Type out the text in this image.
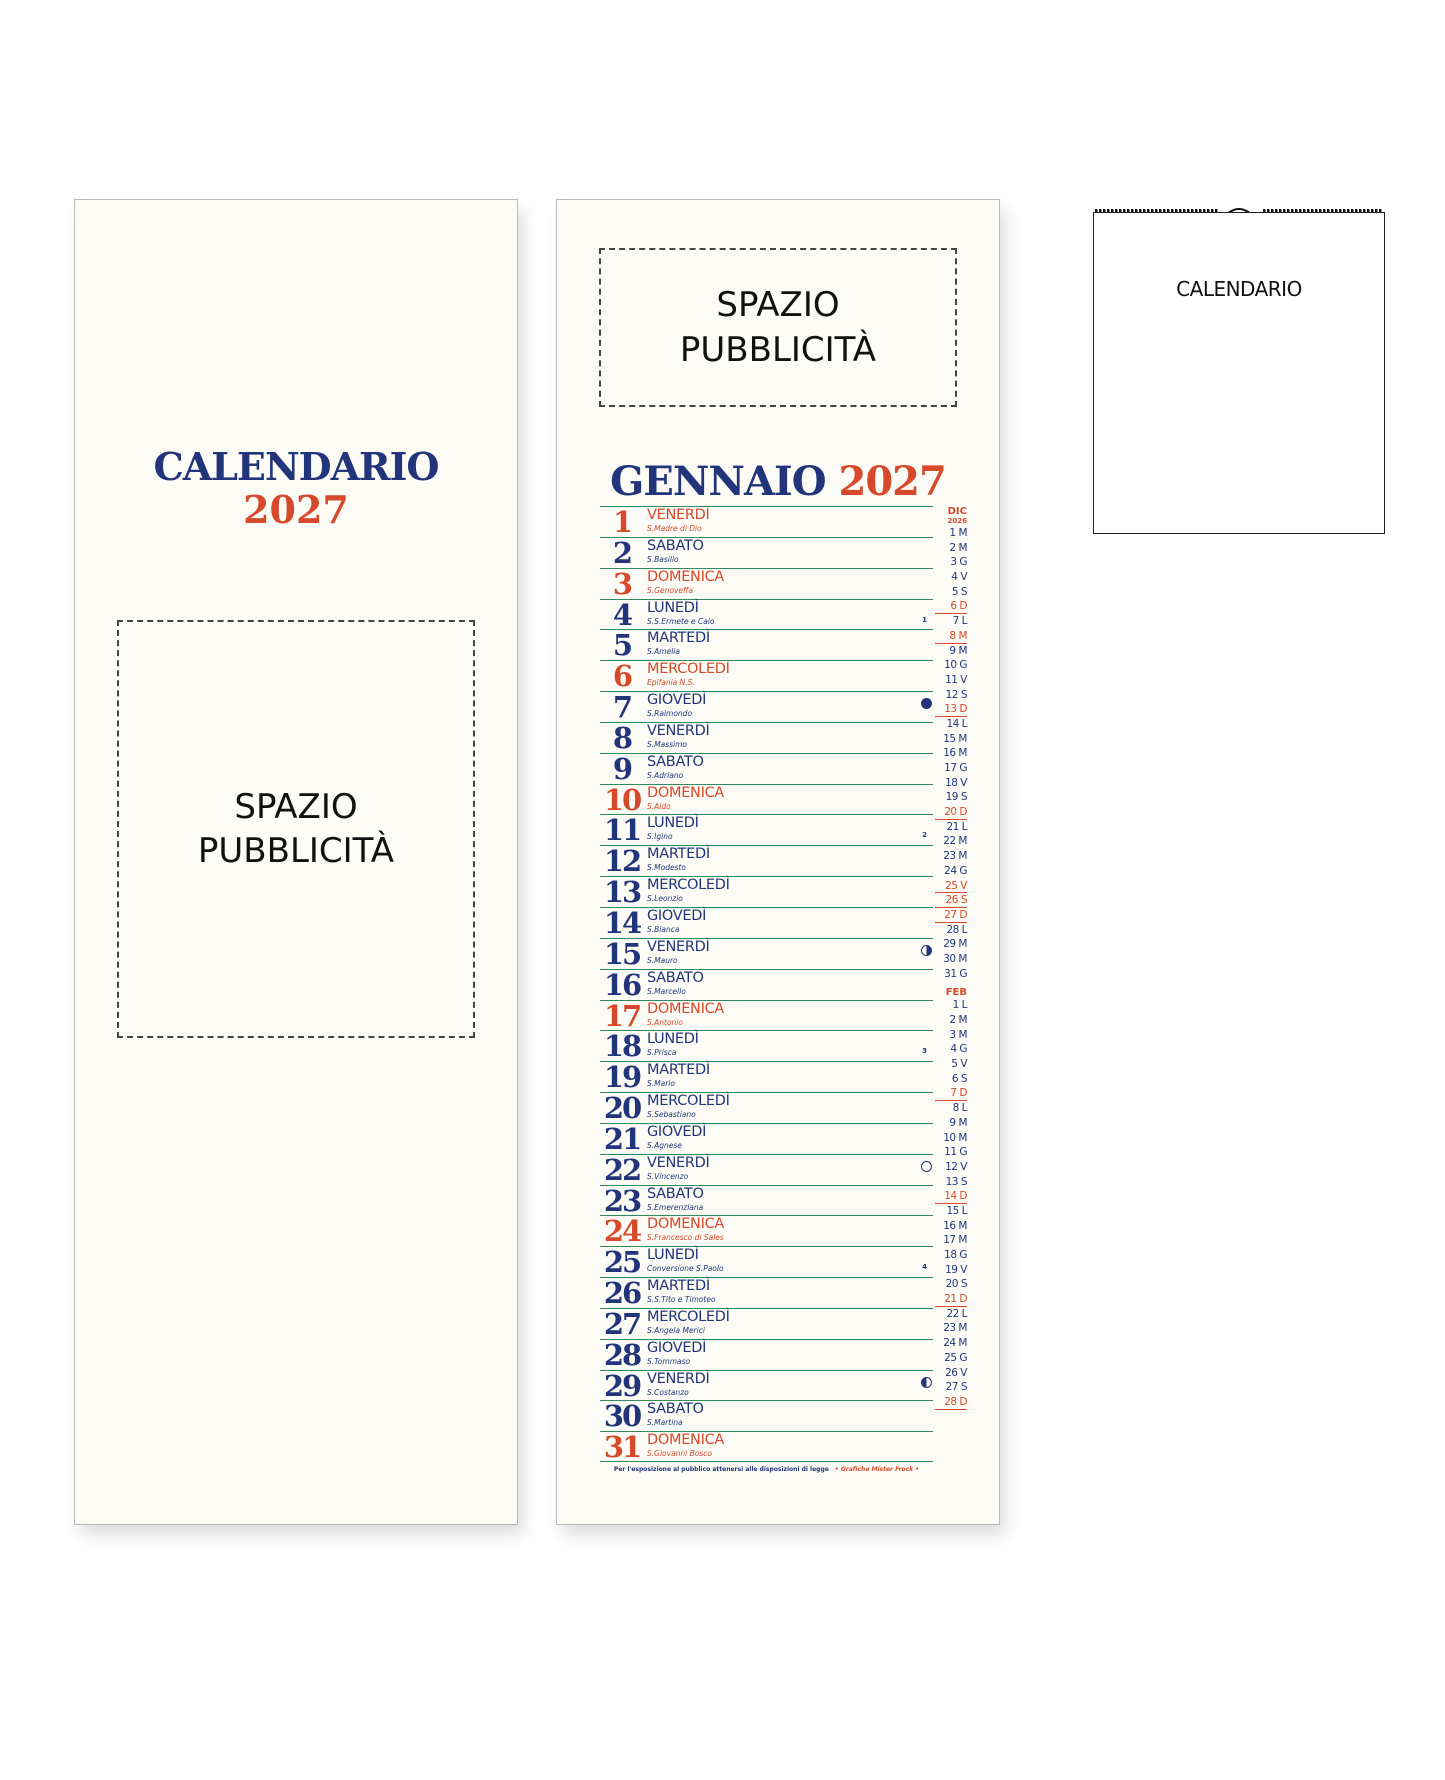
CALENDARIO
2027
SPAZIO
PUBBLICITÀ
SPAZIO
PUBBLICITÀ
GENNAIO 2027
1	VENERDÌ
S.Madre di Dio
2	SABATO
S.Basilio
3	DOMENICA
S.Genoveffa
4	LUNEDÌ
S.S.Ermete e Caio	1
5	MARTEDÌ
S.Amelia
6	MERCOLEDÌ
Epifania N.S.
7	GIOVEDÌ
S.Raimondo
8	VENERDÌ
S.Massimo
9	SABATO
S.Adriano
10 DOMENICA
S.Aldo
11 LUNEDÌ
S.Igino	2
12 MARTEDÌ
S.Modesto
13 MERCOLEDÌ
S.Leonzio
14 GIOVEDÌ
S.Bianca
15 VENERDÌ
S.Mauro
16 SABATO
S.Marcello
17 DOMENICA
S.Antonio
18 LUNEDÌ
S.Prisca	3
19 MARTEDÌ
S.Mario
20 MERCOLEDÌ
S.Sebastiano
21 GIOVEDÌ
S.Agnese
22 VENERDÌ
S.Vincenzo
23 SABATO
S.Emerenziana
24 DOMENICA
S.Francesco di Sales
25 LUNEDÌ
Conversione S.Paolo	4
26 MARTEDÌ
S.S.Tito e Timoteo
27 MERCOLEDÌ
S.Angela Merici
28 GIOVEDÌ
S.Tommaso
29 VENERDÌ
S.Costanzo
30 SABATO
S.Martina
31 DOMENICA
S.Giovanni Bosco
DIC
2026
1 M
2 M
3 G
4 V
5 S
6 D
7 L
8 M
9 M
10 G
11 V
12 S
13 D
14 L
15 M
16 M
17 G
18 V
19 S
20 D
21 L
22 M
23 M
24 G
25 V
26 S
27 D
28 L
29 M
30 M
31 G
FEB
1 L
2 M
3 M
4 G
5 V
6 S
7 D
8 L
9 M
10 M
11 G
12 V
13 S
14 D
15 L
16 M
17 M
18 G
19 V
20 S
21 D
22 L
23 M
24 M
25 G
26 V
27 S
28 D
Per l'esposizione al pubblico attenersi alle disposizioni di legge • Grafiche Mister Frock •
CALENDARIO
